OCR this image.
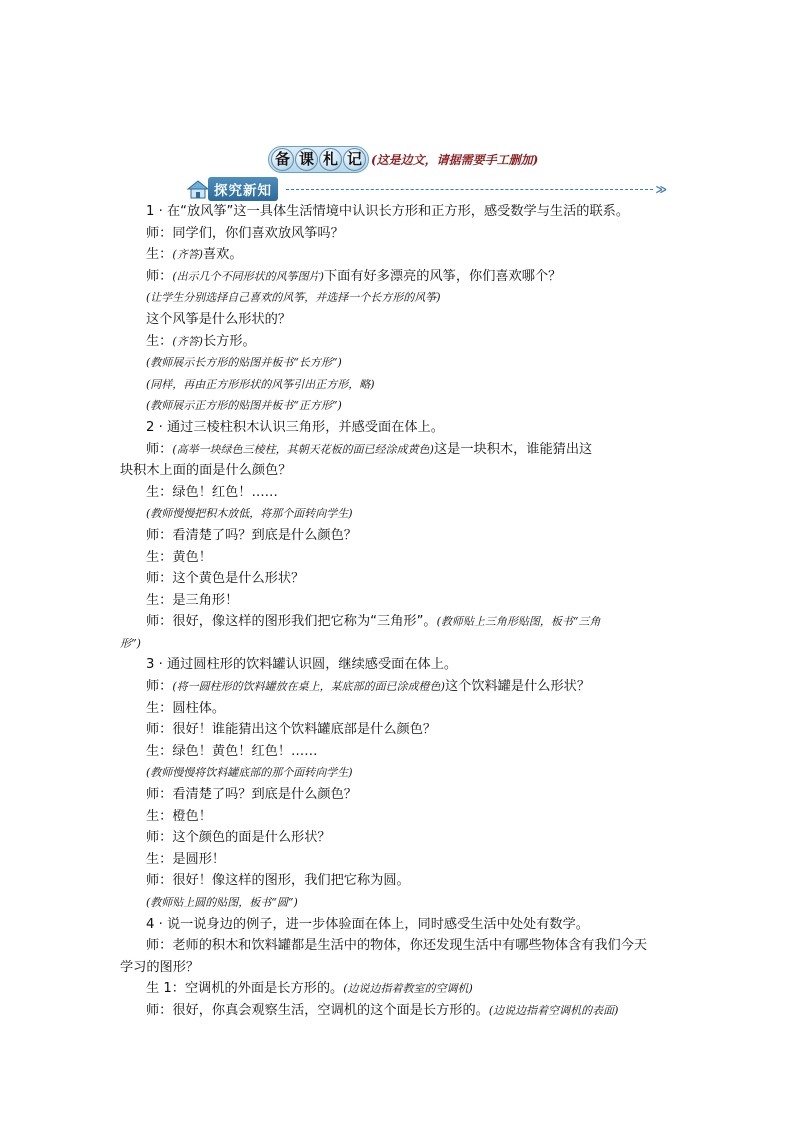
备 课 札 记 (这是边文，请据需要手工删加)
探究新知	≫
1 · 在“放风筝”这一具体生活情境中认识长方形和正方形，感受数学与生活的联系。
师：同学们，你们喜欢放风筝吗？
生：(齐答)喜欢。
师：(出示几个不同形状的风筝图片)下面有好多漂亮的风筝，你们喜欢哪个？
(让学生分别选择自己喜欢的风筝，并选择一个长方形的风筝)
这个风筝是什么形状的？
生：(齐答)长方形。
(教师展示长方形的贴图并板书“长方形”)
(同样，再由正方形形状的风筝引出正方形，略)
(教师展示正方形的贴图并板书“正方形”)
2 · 通过三棱柱积木认识三角形，并感受面在体上。
师：(高举一块绿色三棱柱，其朝天花板的面已经涂成黄色)这是一块积木，谁能猜出这
块积木上面的面是什么颜色？
生：绿色！红色！……
(教师慢慢把积木放低，将那个面转向学生)
师：看清楚了吗？到底是什么颜色？
生：黄色！
师：这个黄色是什么形状？
生：是三角形！
师：很好，像这样的图形我们把它称为“三角形”。(教师贴上三角形贴图，板书“三角
形”)
3 · 通过圆柱形的饮料罐认识圆，继续感受面在体上。
师：(将一圆柱形的饮料罐放在桌上，某底部的面已涂成橙色)这个饮料罐是什么形状？
生：圆柱体。
师：很好！谁能猜出这个饮料罐底部是什么颜色？
生：绿色！黄色！红色！……
(教师慢慢将饮料罐底部的那个面转向学生)
师：看清楚了吗？到底是什么颜色？
生：橙色！
师：这个颜色的面是什么形状？
生：是圆形！
师：很好！像这样的图形，我们把它称为圆。
(教师贴上圆的贴图，板书“圆”)
4 · 说一说身边的例子，进一步体验面在体上，同时感受生活中处处有数学。
师：老师的积木和饮料罐都是生活中的物体，你还发现生活中有哪些物体含有我们今天
学习的图形？
生 1：空调机的外面是长方形的。(边说边指着教室的空调机)
师：很好，你真会观察生活，空调机的这个面是长方形的。(边说边指着空调机的表面)
